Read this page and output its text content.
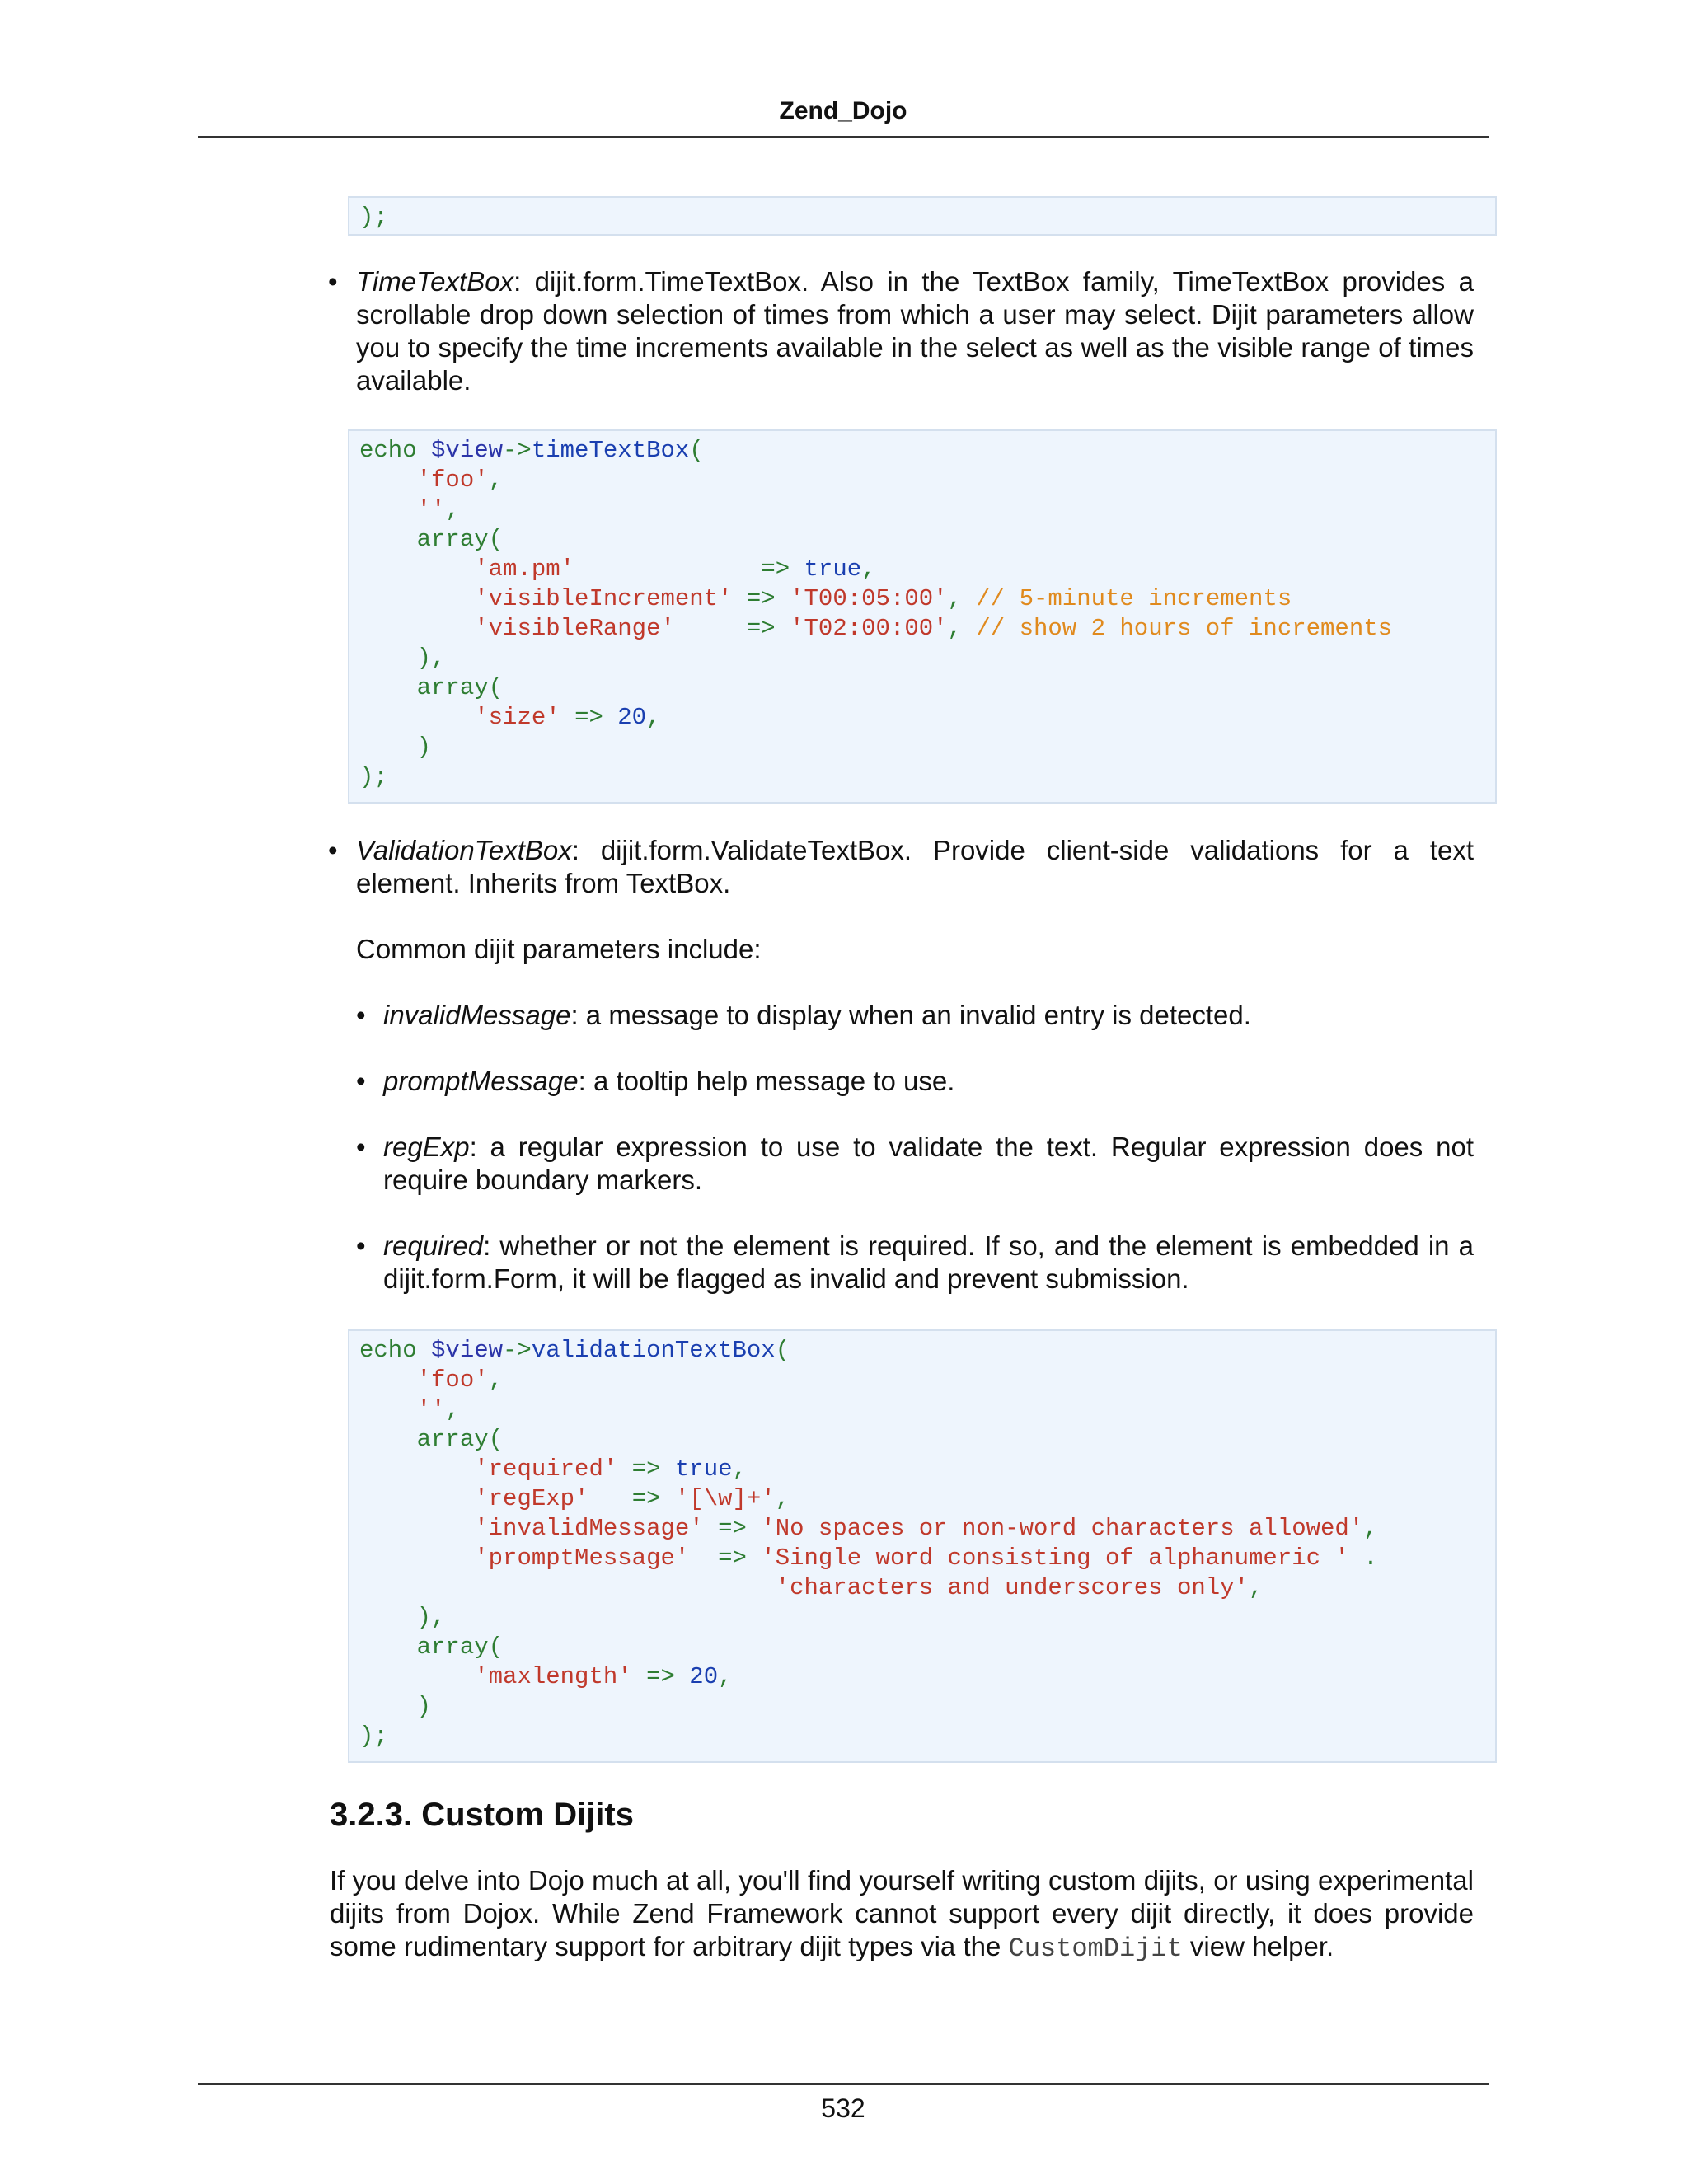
Zend_Dojo
);
• TimeTextBox: dijit.form.TimeTextBox. Also in the TextBox family, TimeTextBox provides a scrollable drop down selection of times from which a user may select. Dijit parameters allow you to specify the time increments available in the select as well as the visible range of times available.
echo $view->timeTextBox(
'foo',
'',
array(
'am.pm'	=> true,
'visibleIncrement' => 'T00:05:00', // 5-minute increments
'visibleRange'	=> 'T02:00:00', // show 2 hours of increments
),
array(
'size' => 20,
)
);
• ValidationTextBox: dijit.form.ValidateTextBox. Provide client-side validations for a text element. Inherits from TextBox.
Common dijit parameters include:
• invalidMessage: a message to display when an invalid entry is detected.
• promptMessage: a tooltip help message to use.
• regExp: a regular expression to use to validate the text. Regular expression does not require boundary markers.
• required: whether or not the element is required. If so, and the element is embedded in a dijit.form.Form, it will be flagged as invalid and prevent submission.
echo $view->validationTextBox(
'foo',
'',
array(
'required' => true,
'regExp' => '[\w]+',
'invalidMessage' => 'No spaces or non-word characters allowed',
'promptMessage' => 'Single word consisting of alphanumeric ' .
'characters and underscores only',
),
array(
'maxlength' => 20,
)
);
3.2.3. Custom Dijits
If you delve into Dojo much at all, you'll find yourself writing custom dijits, or using experimental dijits from Dojox. While Zend Framework cannot support every dijit directly, it does provide some rudimentary support for arbitrary dijit types via the CustomDijit view helper.
532
